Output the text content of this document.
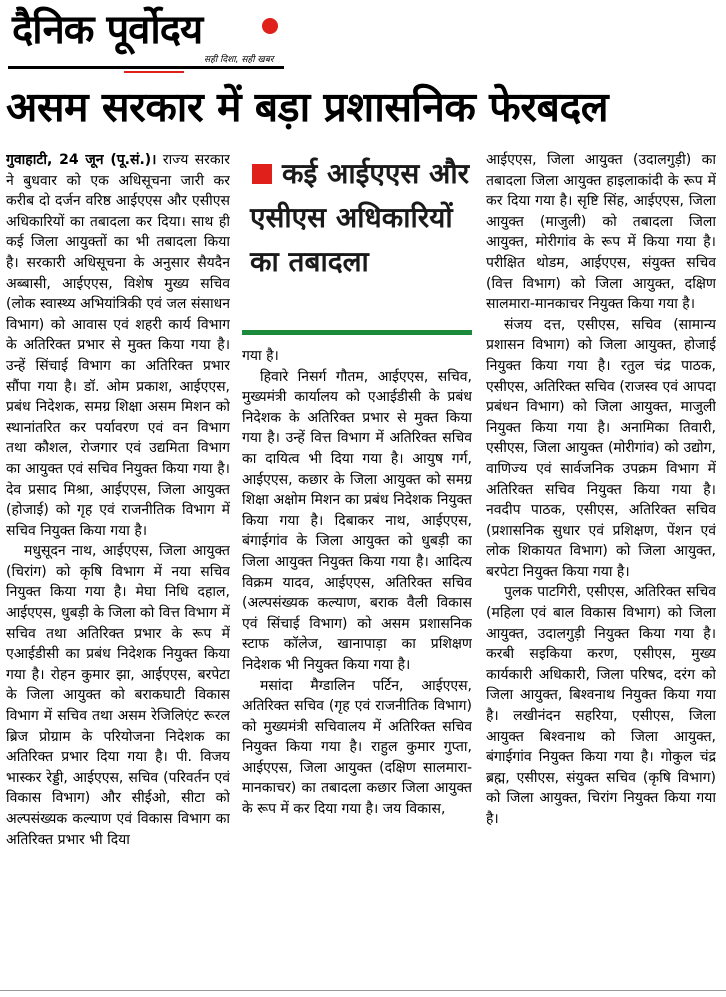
दैनिक पूर्वोदय
सही दिशा, सही खबर
असम सरकार में बड़ा प्रशासनिक फेरबदल

गुवाहाटी, 24 जून (पू.सं.)। राज्य सरकार ने बुधवार को एक अधिसूचना जारी कर करीब दो दर्जन वरिष्ठ आईएएस और एसीएस अधिकारियों का तबादला कर दिया। साथ ही कई जिला आयुक्तों का भी तबादला किया है। सरकारी अधिसूचना के अनुसार सैयदैन अब्बासी, आईएएस, विशेष मुख्य सचिव (लोक स्वास्थ्य अभियांत्रिकी एवं जल संसाधन विभाग) को आवास एवं शहरी कार्य विभाग के अतिरिक्त प्रभार से मुक्त किया गया है। उन्हें सिंचाई विभाग का अतिरिक्त प्रभार सौंपा गया है। डॉ. ओम प्रकाश, आईएएस, प्रबंध निदेशक, समग्र शिक्षा असम मिशन को स्थानांतरित कर पर्यावरण एवं वन विभाग तथा कौशल, रोजगार एवं उद्यमिता विभाग का आयुक्त एवं सचिव नियुक्त किया गया है। देव प्रसाद मिश्रा, आईएएस, जिला आयुक्त (होजाई) को गृह एवं राजनीतिक विभाग में सचिव नियुक्त किया गया है।

मधुसूदन नाथ, आईएएस, जिला आयुक्त (चिरांग) को कृषि विभाग में नया सचिव नियुक्त किया गया है। मेघा निधि दहाल, आईएएस, धुबड़ी के जिला को वित्त विभाग में सचिव तथा अतिरिक्त प्रभार के रूप में एआईडीसी का प्रबंध निदेशक नियुक्त किया गया है। रोहन कुमार झा, आईएएस, बरपेटा के जिला आयुक्त को बराकघाटी विकास विभाग में सचिव तथा असम रेजिलिएंट रूरल ब्रिज प्रोग्राम के परियोजना निदेशक का अतिरिक्त प्रभार दिया गया है। पी. विजय भास्कर रेड्डी, आईएएस, सचिव (परिवर्तन एवं विकास विभाग) और सीईओ, सीटा को अल्पसंख्यक कल्याण एवं विकास विभाग का अतिरिक्त प्रभार भी दिया

कई आईएएस और एसीएस अधिकारियों का तबादला

गया है।

हिवारे निसर्ग गौतम, आईएएस, सचिव, मुख्यमंत्री कार्यालय को एआईडीसी के प्रबंध निदेशक के अतिरिक्त प्रभार से मुक्त किया गया है। उन्हें वित्त विभाग में अतिरिक्त सचिव का दायित्व भी दिया गया है। आयुष गर्ग, आईएएस, कछार के जिला आयुक्त को समग्र शिक्षा अक्षोम मिशन का प्रबंध निदेशक नियुक्त किया गया है। दिबाकर नाथ, आईएएस, बंगाईगांव के जिला आयुक्त को धुबड़ी का जिला आयुक्त नियुक्त किया गया है। आदित्य विक्रम यादव, आईएएस, अतिरिक्त सचिव (अल्पसंख्यक कल्याण, बराक वैली विकास एवं सिंचाई विभाग) को असम प्रशासनिक स्टाफ कॉलेज, खानापाड़ा का प्रशिक्षण निदेशक भी नियुक्त किया गया है।

मसांदा मैग्डालिन पर्टिन, आईएएस, अतिरिक्त सचिव (गृह एवं राजनीतिक विभाग) को मुख्यमंत्री सचिवालय में अतिरिक्त सचिव नियुक्त किया गया है। राहुल कुमार गुप्ता, आईएएस, जिला आयुक्त (दक्षिण सालमारा-मानकाचर) का तबादला कछार जिला आयुक्त के रूप में कर दिया गया है। जय विकास,

आईएएस, जिला आयुक्त (उदालगुड़ी) का तबादला जिला आयुक्त हाइलाकांदी के रूप में कर दिया गया है। सृष्टि सिंह, आईएएस, जिला आयुक्त (माजुली) को तबादला जिला आयुक्त, मोरीगांव के रूप में किया गया है। परीक्षित थोडम, आईएएस, संयुक्त सचिव (वित्त विभाग) को जिला आयुक्त, दक्षिण सालमारा-मानकाचर नियुक्त किया गया है।

संजय दत्त, एसीएस, सचिव (सामान्य प्रशासन विभाग) को जिला आयुक्त, होजाई नियुक्त किया गया है। रतुल चंद्र पाठक, एसीएस, अतिरिक्त सचिव (राजस्व एवं आपदा प्रबंधन विभाग) को जिला आयुक्त, माजुली नियुक्त किया गया है। अनामिका तिवारी, एसीएस, जिला आयुक्त (मोरीगांव) को उद्योग, वाणिज्य एवं सार्वजनिक उपक्रम विभाग में अतिरिक्त सचिव नियुक्त किया गया है। नवदीप पाठक, एसीएस, अतिरिक्त सचिव (प्रशासनिक सुधार एवं प्रशिक्षण, पेंशन एवं लोक शिकायत विभाग) को जिला आयुक्त, बरपेटा नियुक्त किया गया है।

पुलक पाटगिरी, एसीएस, अतिरिक्त सचिव (महिला एवं बाल विकास विभाग) को जिला आयुक्त, उदालगुड़ी नियुक्त किया गया है। करबी सइकिया करण, एसीएस, मुख्य कार्यकारी अधिकारी, जिला परिषद, दरंग को जिला आयुक्त, बिश्वनाथ नियुक्त किया गया है। लखीनंदन सहरिया, एसीएस, जिला आयुक्त बिश्वनाथ को जिला आयुक्त, बंगाईगांव नियुक्त किया गया है। गोकुल चंद्र ब्रह्म, एसीएस, संयुक्त सचिव (कृषि विभाग) को जिला आयुक्त, चिरांग नियुक्त किया गया है।
